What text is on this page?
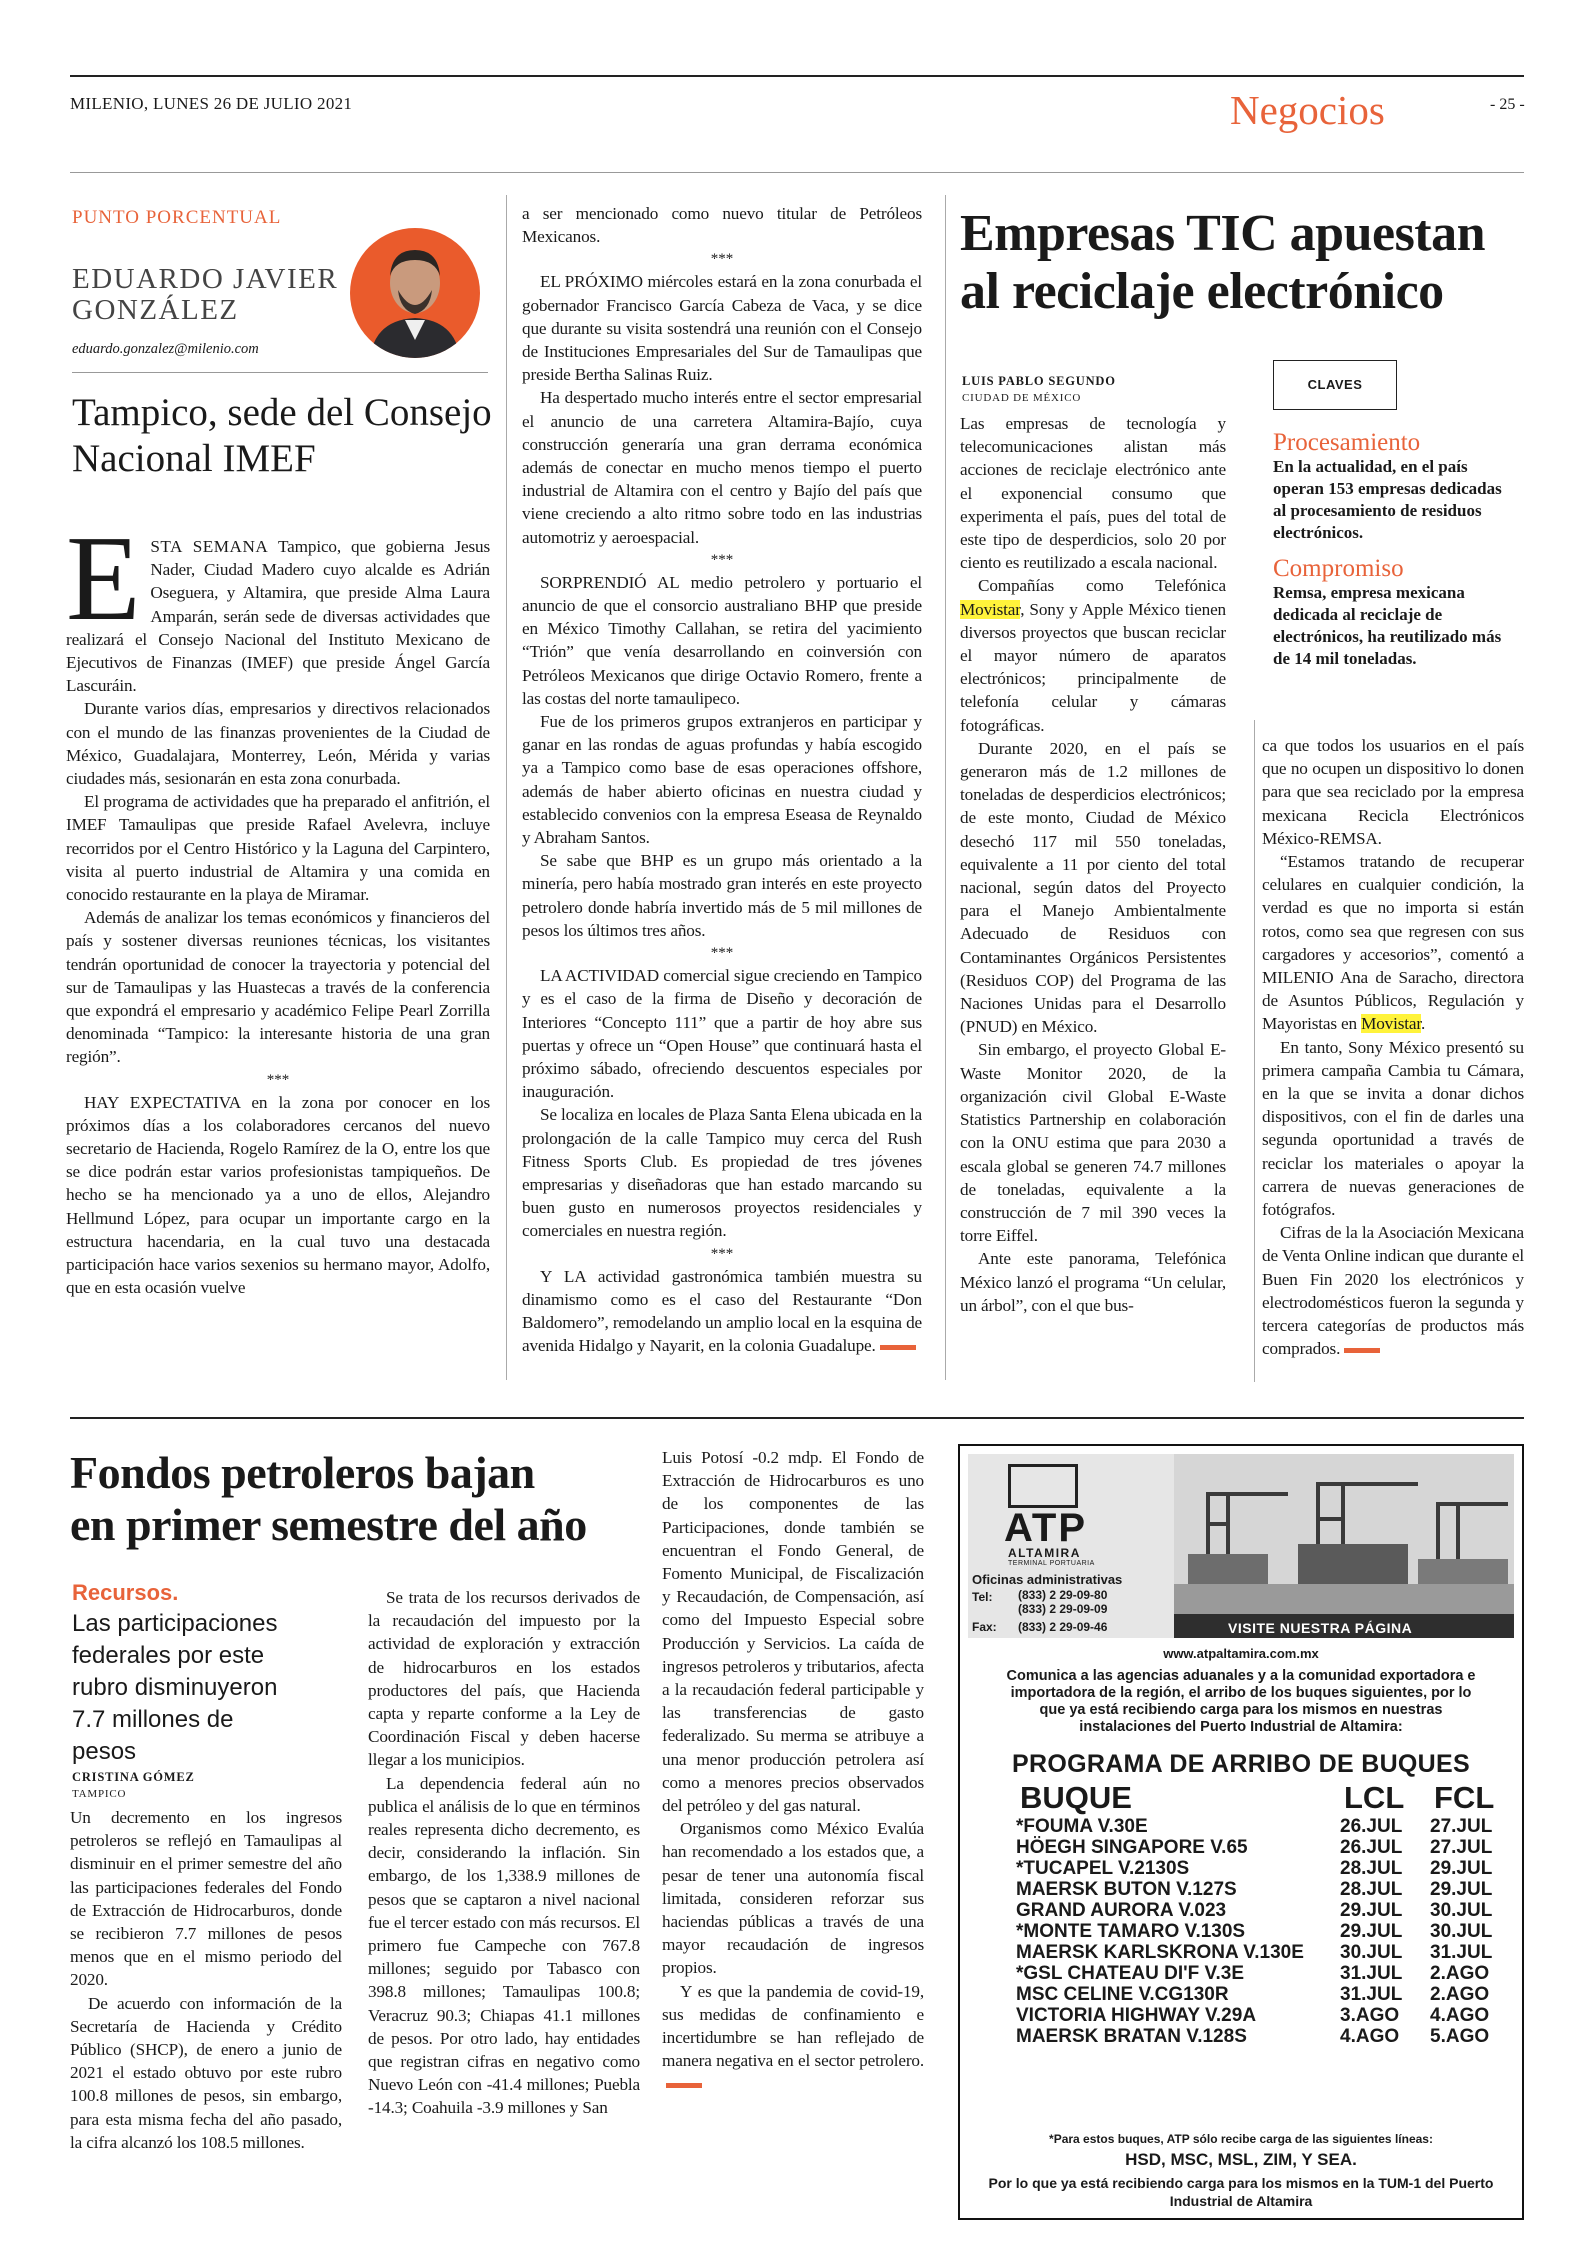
MILENIO, LUNES 26 DE JULIO 2021	Negocios	- 25 -
PUNTO PORCENTUAL
EDUARDO JAVIER
GONZÁLEZ
eduardo.gonzalez@milenio.com
Tampico, sede del Consejo Nacional IMEF

E STA SEMANA Tampico, que gobierna Jesus Nader, Ciudad Madero cuyo alcalde es Adrián Oseguera, y Altamira, que preside Alma Laura Amparán, serán sede de diversas actividades que realizará el Consejo Nacional del Instituto Mexicano de Ejecutivos de Finanzas (IMEF) que preside Ángel García Lascuráin.

Durante varios días, empresarios y directivos relacionados con el mundo de las finanzas provenientes de la Ciudad de México, Guadalajara, Monterrey, León, Mérida y varias ciudades más, sesionarán en esta zona conurbada.

El programa de actividades que ha preparado el anfitrión, el IMEF Tamaulipas que preside Rafael Avelevra, incluye recorridos por el Centro Histórico y la Laguna del Carpintero, visita al puerto industrial de Altamira y una comida en conocido restaurante en la playa de Miramar.

Además de analizar los temas económicos y financieros del país y sostener diversas reuniones técnicas, los visitantes tendrán oportunidad de conocer la trayectoria y potencial del sur de Tamaulipas y las Huastecas a través de la conferencia que expondrá el empresario y académico Felipe Pearl Zorrilla denominada “Tampico: la interesante historia de una gran región”.

***

HAY EXPECTATIVA en la zona por conocer en los próximos días a los colaboradores cercanos del nuevo secretario de Hacienda, Rogelo Ramírez de la O, entre los que se dice podrán estar varios profesionistas tampiqueños. De hecho se ha mencionado ya a uno de ellos, Alejandro Hellmund López, para ocupar un importante cargo en la estructura hacendaria, en la cual tuvo una destacada participación hace varios sexenios su hermano mayor, Adolfo, que en esta ocasión vuelve

a ser mencionado como nuevo titular de Petróleos Mexicanos.

***

EL PRÓXIMO miércoles estará en la zona conurbada el gobernador Francisco García Cabeza de Vaca, y se dice que durante su visita sostendrá una reunión con el Consejo de Instituciones Empresariales del Sur de Tamaulipas que preside Bertha Salinas Ruiz.

Ha despertado mucho interés entre el sector empresarial el anuncio de una carretera Altamira-Bajío, cuya construcción generaría una gran derrama económica además de conectar en mucho menos tiempo el puerto industrial de Altamira con el centro y Bajío del país que viene creciendo a alto ritmo sobre todo en las industrias automotriz y aeroespacial.

***

SORPRENDIÓ AL medio petrolero y portuario el anuncio de que el consorcio australiano BHP que preside en México Timothy Callahan, se retira del yacimiento “Trión” que venía desarrollando en coinversión con Petróleos Mexicanos que dirige Octavio Romero, frente a las costas del norte tamaulipeco.

Fue de los primeros grupos extranjeros en participar y ganar en las rondas de aguas profundas y había escogido ya a Tampico como base de esas operaciones offshore, además de haber abierto oficinas en nuestra ciudad y establecido convenios con la empresa Eseasa de Reynaldo y Abraham Santos.

Se sabe que BHP es un grupo más orientado a la minería, pero había mostrado gran interés en este proyecto petrolero donde habría invertido más de 5 mil millones de pesos los últimos tres años.

***

LA ACTIVIDAD comercial sigue creciendo en Tampico y es el caso de la firma de Diseño y decoración de Interiores “Concepto 111” que a partir de hoy abre sus puertas y ofrece un “Open House” que continuará hasta el próximo sábado, ofreciendo descuentos especiales por inauguración.

Se localiza en locales de Plaza Santa Elena ubicada en la prolongación de la calle Tampico muy cerca del Rush Fitness Sports Club. Es propiedad de tres jóvenes empresarias y diseñadoras que han estado marcando su buen gusto en numerosos proyectos residenciales y comerciales en nuestra región.

***

Y LA actividad gastronómica también muestra su dinamismo como es el caso del Restaurante “Don Baldomero”, remodelando un amplio local en la esquina de avenida Hidalgo y Nayarit, en la colonia Guadalupe.

Empresas TIC apuestan
al reciclaje electrónico
LUIS PABLO SEGUNDO
CIUDAD DE MÉXICO

Las empresas de tecnología y telecomunicaciones alistan más acciones de reciclaje electrónico ante el exponencial consumo que experimenta el país, pues del total de este tipo de desperdicios, solo 20 por ciento es reutilizado a escala nacional.

Compañías como Telefónica Movistar, Sony y Apple México tienen diversos proyectos que buscan reciclar el mayor número de aparatos electrónicos; principalmente de telefonía celular y cámaras fotográficas.

Durante 2020, en el país se generaron más de 1.2 millones de toneladas de desperdicios electrónicos; de este monto, Ciudad de México desechó 117 mil 550 toneladas, equivalente a 11 por ciento del total nacional, según datos del Proyecto para el Manejo Ambientalmente Adecuado de Residuos con Contaminantes Orgánicos Persistentes (Residuos COP) del Programa de las Naciones Unidas para el Desarrollo (PNUD) en México.

Sin embargo, el proyecto Global E-Waste Monitor 2020, de la organización civil Global E-Waste Statistics Partnership en colaboración con la ONU estima que para 2030 a escala global se generen 74.7 millones de toneladas, equivalente a la construcción de 7 mil 390 veces la torre Eiffel.

Ante este panorama, Telefónica México lanzó el programa “Un celular, un árbol”, con el que bus-

CLAVES

Procesamiento

En la actualidad, en el país operan 153 empresas dedicadas al procesamiento de residuos electrónicos.

Compromiso

Remsa, empresa mexicana dedicada al reciclaje de electrónicos, ha reutilizado más de 14 mil toneladas.

ca que todos los usuarios en el país que no ocupen un dispositivo lo donen para que sea reciclado por la empresa mexicana Recicla Electrónicos México-REMSA.

“Estamos tratando de recuperar celulares en cualquier condición, la verdad es que no importa si están rotos, como sea que regresen con sus cargadores y accesorios”, comentó a MILENIO Ana de Saracho, directora de Asuntos Públicos, Regulación y Mayoristas en Movistar.

En tanto, Sony México presentó su primera campaña Cambia tu Cámara, en la que se invita a donar dichos dispositivos, con el fin de darles una segunda oportunidad a través de reciclar los materiales o apoyar la carrera de nuevas generaciones de fotógrafos.

Cifras de la la Asociación Mexicana de Venta Online indican que durante el Buen Fin 2020 los electrónicos y electrodomésticos fueron la segunda y tercera categorías de productos más comprados.

Fondos petroleros bajan
en primer semestre del año
Recursos.
Las participaciones federales por este rubro disminuyeron 7.7 millones de pesos
CRISTINA GÓMEZ
TAMPICO

Un decremento en los ingresos petroleros se reflejó en Tamaulipas al disminuir en el primer semestre del año las participaciones federales del Fondo de Extracción de Hidrocarburos, donde se recibieron 7.7 millones de pesos menos que en el mismo periodo del 2020.

De acuerdo con información de la Secretaría de Hacienda y Crédito Público (SHCP), de enero a junio de 2021 el estado obtuvo por este rubro 100.8 millones de pesos, sin embargo, para esta misma fecha del año pasado, la cifra alcanzó los 108.5 millones.

Se trata de los recursos derivados de la recaudación del impuesto por la actividad de exploración y extracción de hidrocarburos en los estados productores del país, que Hacienda capta y reparte conforme a la Ley de Coordinación Fiscal y deben hacerse llegar a los municipios.

La dependencia federal aún no publica el análisis de lo que en términos reales representa dicho decremento, es decir, considerando la inflación. Sin embargo, de los 1,338.9 millones de pesos que se captaron a nivel nacional fue el tercer estado con más recursos. El primero fue Campeche con 767.8 millones; seguido por Tabasco con 398.8 millones; Tamaulipas 100.8; Veracruz 90.3; Chiapas 41.1 millones de pesos. Por otro lado, hay entidades que registran cifras en negativo como Nuevo León con -41.4 millones; Puebla -14.3; Coahuila -3.9 millones y San

Luis Potosí -0.2 mdp. El Fondo de Extracción de Hidrocarburos es uno de los componentes de las Participaciones, donde también se encuentran el Fondo General, de Fomento Municipal, de Fiscalización y Recaudación, de Compensación, así como del Impuesto Especial sobre Producción y Servicios. La caída de ingresos petroleros y tributarios, afecta a la recaudación federal participable y las transferencias de gasto federalizado. Su merma se atribuye a una menor producción petrolera así como a menores precios observados del petróleo y del gas natural.

Organismos como México Evalúa han recomendado a los estados que, a pesar de tener una autonomía fiscal limitada, consideren reforzar sus haciendas públicas a través de una mayor recaudación de ingresos propios.

Y es que la pandemia de covid-19, sus medidas de confinamiento e incertidumbre se han reflejado de manera negativa en el sector petrolero.

ATP
ALTAMIRA
TERMINAL PORTUARIA
Oficinas administrativas
Tel: (833) 2 29-09-80
(833) 2 29-09-09
Fax: (833) 2 29-09-46	VISITE NUESTRA PÁGINA
www.atpaltamira.com.mx
Comunica a las agencias aduanales y a la comunidad exportadora e importadora de la región, el arribo de los buques siguientes, por lo que ya está recibiendo carga para los mismos en nuestras instalaciones del Puerto Industrial de Altamira:
PROGRAMA DE ARRIBO DE BUQUES
BUQUE	LCL FCL
*FOUMA V.30E	26.JUL	27.JUL
HÖEGH SINGAPORE V.65	26.JUL	27.JUL
*TUCAPEL V.2130S	28.JUL	29.JUL
MAERSK BUTON V.127S	28.JUL	29.JUL
GRAND AURORA V.023	29.JUL	30.JUL
*MONTE TAMARO V.130S	29.JUL	30.JUL
MAERSK KARLSKRONA V.130E	30.JUL	31.JUL
*GSL CHATEAU DI'F V.3E	31.JUL	2.AGO
MSC CELINE V.CG130R	31.JUL	2.AGO
VICTORIA HIGHWAY V.29A	3.AGO	4.AGO
MAERSK BRATAN V.128S	4.AGO	5.AGO
*Para estos buques, ATP sólo recibe carga de las siguientes líneas:
HSD, MSC, MSL, ZIM, Y SEA.
Por lo que ya está recibiendo carga para los mismos en la TUM-1 del Puerto Industrial de Altamira
